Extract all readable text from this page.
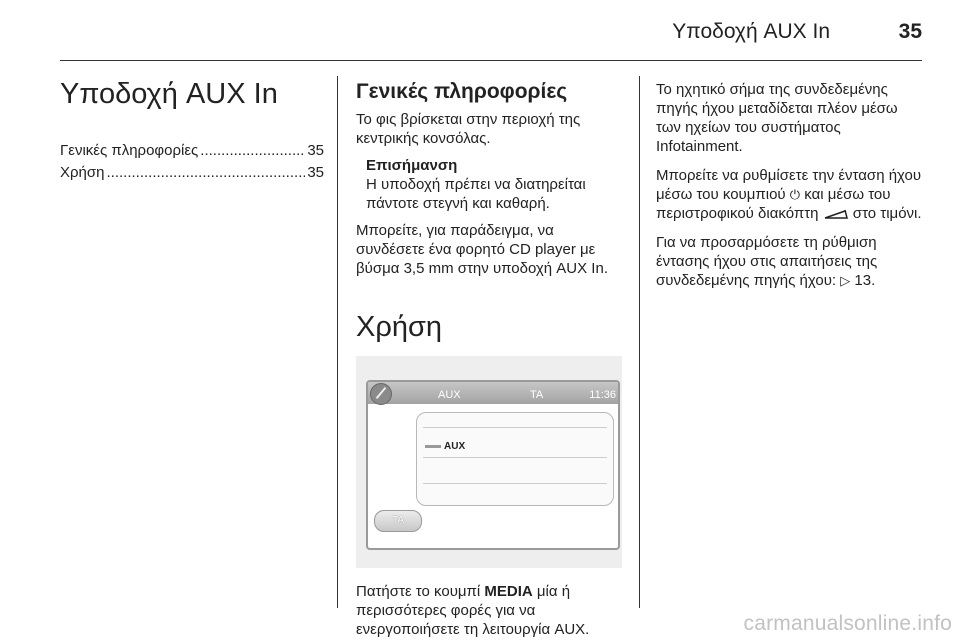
Υποδοχή AUX In	35
Υποδοχή AUX In
Γενικές πληροφορίες .....	35
Χρήση .....	35
Γενικές πληροφορίες

Το φις βρίσκεται στην περιοχή της κεντρικής κονσόλας.

Επισήμανση
Η υποδοχή πρέπει να διατηρείται πάντοτε στεγνή και καθαρή.

Μπορείτε, για παράδειγμα, να συνδέσετε ένα φορητό CD player με βύσμα 3,5 mm στην υποδοχή AUX In.

Χρήση
AUX	TA	11:36
AUX
TA

Πατήστε το κουμπί MEDIA μία ή περισσότερες φορές για να ενεργοποιήσετε τη λειτουργία AUX.

Το ηχητικό σήμα της συνδεδεμένης πηγής ήχου μεταδίδεται πλέον μέσω των ηχείων του συστήματος Infotainment.

Μπορείτε να ρυθμίσετε την ένταση ήχου μέσω του κουμπιού ⏻ και μέσω του περιστροφικού διακόπτη  στο τιμόνι.

Για να προσαρμόσετε τη ρύθμιση έντασης ήχου στις απαιτήσεις της συνδεδεμένης πηγής ήχου: ▷ 13.

carmanualsonline.info
